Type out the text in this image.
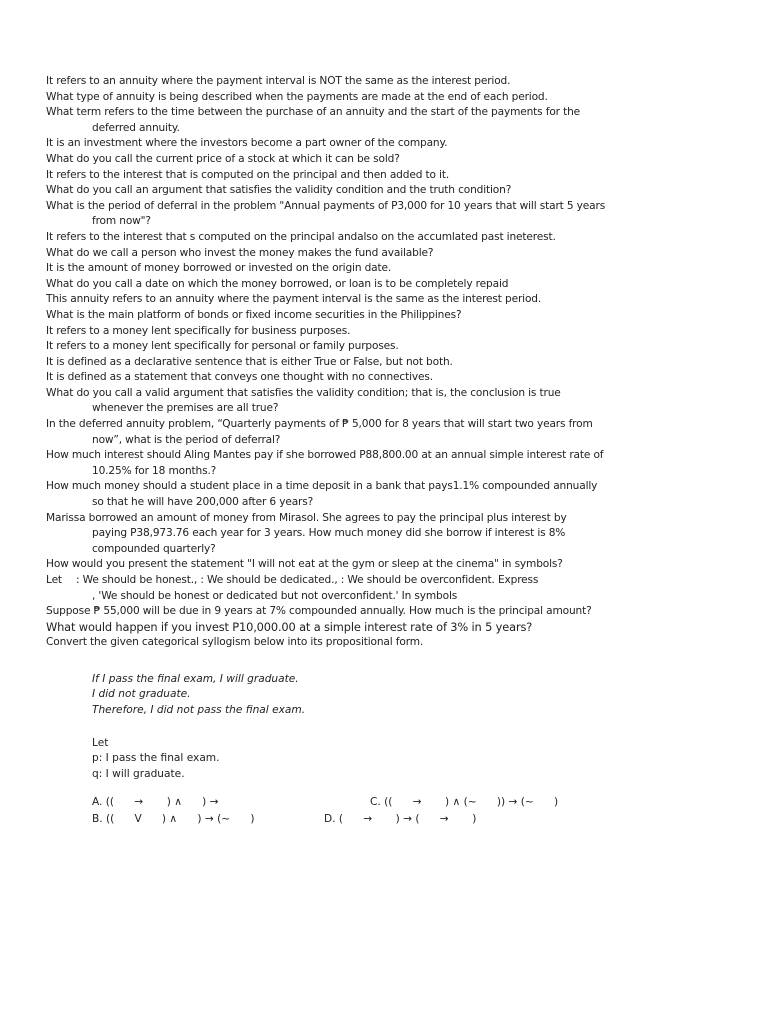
It refers to an annuity where the payment interval is NOT the same as the interest period.
What type of annuity is being described when the payments are made at the end of each period.
What term refers to the time between the purchase of an annuity and the start of the payments for the
deferred annuity.
It is an investment where the investors become a part owner of the company.
What do you call the current price of a stock at which it can be sold?
It refers to the interest that is computed on the principal and then added to it.
What do you call an argument that satisfies the validity condition and the truth condition?
What is the period of deferral in the problem "Annual payments of P3,000 for 10 years that will start 5 years
from now"?
It refers to the interest that s computed on the principal andalso on the accumlated past ineterest.
What do we call a person who invest the money makes the fund available?
It is the amount of money borrowed or invested on the origin date.
What do you call a date on which the money borrowed, or loan is to be completely repaid
This annuity refers to an annuity where the payment interval is the same as the interest period.
What is the main platform of bonds or fixed income securities in the Philippines?
It refers to a money lent specifically for business purposes.
It refers to a money lent specifically for personal or family purposes.
It is defined as a declarative sentence that is either True or False, but not both.
It is defined as a statement that conveys one thought with no connectives.
What do you call a valid argument that satisfies the validity condition; that is, the conclusion is true
whenever the premises are all true?
In the deferred annuity problem, “Quarterly payments of ₱ 5,000 for 8 years that will start two years from
now”, what is the period of deferral?
How much interest should Aling Mantes pay if she borrowed P88,800.00 at an annual simple interest rate of
10.25% for 18 months.?
How much money should a student place in a time deposit in a bank that pays1.1% compounded annually
so that he will have 200,000 after 6 years?
Marissa borrowed an amount of money from Mirasol. She agrees to pay the principal plus interest by
paying P38,973.76 each year for 3 years. How much money did she borrow if interest is 8%
compounded quarterly?
How would you present the statement "I will not eat at the gym or sleep at the cinema" in symbols?
Let	: We should be honest., : We should be dedicated., : We should be overconfident. Express
, 'We should be honest or dedicated but not overconfident.' In symbols
Suppose ₱ 55,000 will be due in 9 years at 7% compounded annually. How much is the principal amount?
What would happen if you invest P10,000.00 at a simple interest rate of 3% in 5 years?
Convert the given categorical syllogism below into its propositional form.
If I pass the final exam, I will graduate.
I did not graduate.
Therefore, I did not pass the final exam.
Let
p: I pass the final exam.
q: I will graduate.
A. ((      →       ) ∧      ) →	C. ((      →       ) ∧ (~      )) → (~      )
B. ((      V      ) ∧      ) → (~      )	D. (      →       ) → (      →       )
